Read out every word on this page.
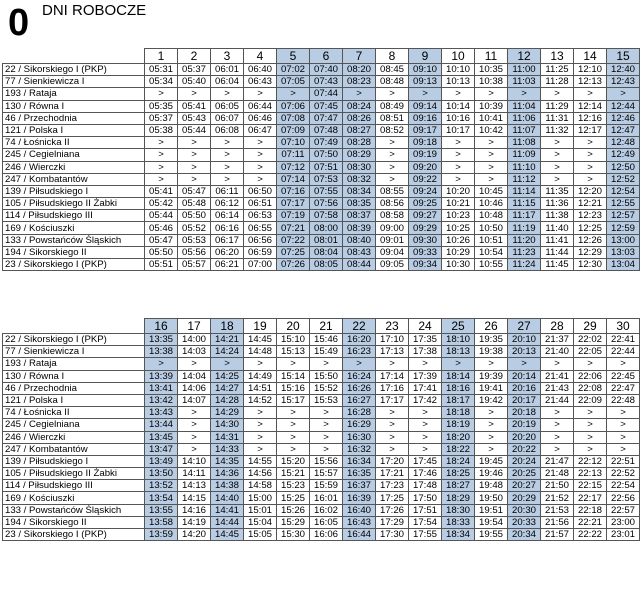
0 DNI ROBOCZE
	1	2	3	4	5	6	7	8	9	10	11	12	13	14	15
22 / Sikorskiego I (PKP)	05:31	05:37	06:01	06:40	07:02	07:40	08:20	08:45	09:10	10:10	10:35	11:00	11:25	12:10	12:40
77 / Sienkiewicza I	05:34	05:40	06:04	06:43	07:05	07:43	08:23	08:48	09:13	10:13	10:38	11:03	11:28	12:13	12:43
193 / Rataja	>	>	>	>	>	07:44	>	>	>	>	>	>	>	>	>
130 / Równa I	05:35	05:41	06:05	06:44	07:06	07:45	08:24	08:49	09:14	10:14	10:39	11:04	11:29	12:14	12:44
46 / Przechodnia	05:37	05:43	06:07	06:46	07:08	07:47	08:26	08:51	09:16	10:16	10:41	11:06	11:31	12:16	12:46
121 / Polska I	05:38	05:44	06:08	06:47	07:09	07:48	08:27	08:52	09:17	10:17	10:42	11:07	11:32	12:17	12:47
74 / Łośnicka II	>	>	>	>	07:10	07:49	08:28	>	09:18	>	>	11:08	>	>	12:48
245 / Cegielniana	>	>	>	>	07:11	07:50	08:29	>	09:19	>	>	11:09	>	>	12:49
246 / Wierczki	>	>	>	>	07:12	07:51	08:30	>	09:20	>	>	11:10	>	>	12:50
247 / Kombatantów	>	>	>	>	07:14	07:53	08:32	>	09:22	>	>	11:12	>	>	12:52
139 / Piłsudskiego I	05:41	05:47	06:11	06:50	07:16	07:55	08:34	08:55	09:24	10:20	10:45	11:14	11:35	12:20	12:54
105 / Piłsudskiego II Żabki	05:42	05:48	06:12	06:51	07:17	07:56	08:35	08:56	09:25	10:21	10:46	11:15	11:36	12:21	12:55
114 / Piłsudskiego III	05:44	05:50	06:14	06:53	07:19	07:58	08:37	08:58	09:27	10:23	10:48	11:17	11:38	12:23	12:57
169 / Kościuszki	05:46	05:52	06:16	06:55	07:21	08:00	08:39	09:00	09:29	10:25	10:50	11:19	11:40	12:25	12:59
133 / Powstańców Śląskich	05:47	05:53	06:17	06:56	07:22	08:01	08:40	09:01	09:30	10:26	10:51	11:20	11:41	12:26	13:00
194 / Sikorskiego II	05:50	05:56	06:20	06:59	07:25	08:04	08:43	09:04	09:33	10:29	10:54	11:23	11:44	12:29	13:03
23 / Sikorskiego I (PKP)	05:51	05:57	06:21	07:00	07:26	08:05	08:44	09:05	09:34	10:30	10:55	11:24	11:45	12:30	13:04
	16	17	18	19	20	21	22	23	24	25	26	27	28	29	30
22 / Sikorskiego I (PKP)	13:35	14:00	14:21	14:45	15:10	15:46	16:20	17:10	17:35	18:10	19:35	20:10	21:37	22:02	22:41
77 / Sienkiewicza I	13:38	14:03	14:24	14:48	15:13	15:49	16:23	17:13	17:38	18:13	19:38	20:13	21:40	22:05	22:44
193 / Rataja	>	>	>	>	>	>	>	>	>	>	>	>	>	>	>
130 / Równa I	13:39	14:04	14:25	14:49	15:14	15:50	16:24	17:14	17:39	18:14	19:39	20:14	21:41	22:06	22:45
46 / Przechodnia	13:41	14:06	14:27	14:51	15:16	15:52	16:26	17:16	17:41	18:16	19:41	20:16	21:43	22:08	22:47
121 / Polska I	13:42	14:07	14:28	14:52	15:17	15:53	16:27	17:17	17:42	18:17	19:42	20:17	21:44	22:09	22:48
74 / Łośnicka II	13:43	>	14:29	>	>	>	16:28	>	>	18:18	>	20:18	>	>	>
245 / Cegielniana	13:44	>	14:30	>	>	>	16:29	>	>	18:19	>	20:19	>	>	>
246 / Wierczki	13:45	>	14:31	>	>	>	16:30	>	>	18:20	>	20:20	>	>	>
247 / Kombatantów	13:47	>	14:33	>	>	>	16:32	>	>	18:22	>	20:22	>	>	>
139 / Piłsudskiego I	13:49	14:10	14:35	14:55	15:20	15:56	16:34	17:20	17:45	18:24	19:45	20:24	21:47	22:12	22:51
105 / Piłsudskiego II Żabki	13:50	14:11	14:36	14:56	15:21	15:57	16:35	17:21	17:46	18:25	19:46	20:25	21:48	22:13	22:52
114 / Piłsudskiego III	13:52	14:13	14:38	14:58	15:23	15:59	16:37	17:23	17:48	18:27	19:48	20:27	21:50	22:15	22:54
169 / Kościuszki	13:54	14:15	14:40	15:00	15:25	16:01	16:39	17:25	17:50	18:29	19:50	20:29	21:52	22:17	22:56
133 / Powstańców Śląskich	13:55	14:16	14:41	15:01	15:26	16:02	16:40	17:26	17:51	18:30	19:51	20:30	21:53	22:18	22:57
194 / Sikorskiego II	13:58	14:19	14:44	15:04	15:29	16:05	16:43	17:29	17:54	18:33	19:54	20:33	21:56	22:21	23:00
23 / Sikorskiego I (PKP)	13:59	14:20	14:45	15:05	15:30	16:06	16:44	17:30	17:55	18:34	19:55	20:34	21:57	22:22	23:01
